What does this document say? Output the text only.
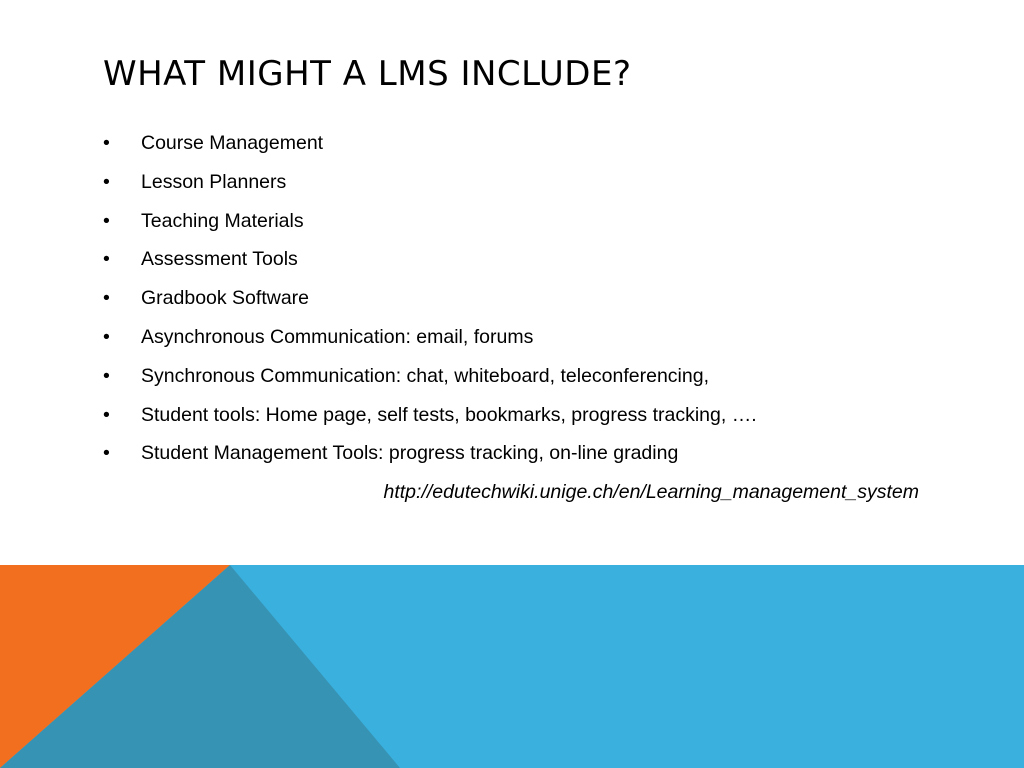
WHAT MIGHT A LMS INCLUDE?
• Course Management
• Lesson Planners
• Teaching Materials
• Assessment Tools
• Gradbook Software
• Asynchronous Communication: email, forums
• Synchronous Communication: chat, whiteboard, teleconferencing,
• Student tools: Home page, self tests, bookmarks, progress tracking, ….
• Student Management Tools: progress tracking, on-line grading
http://edutechwiki.unige.ch/en/Learning_management_system
